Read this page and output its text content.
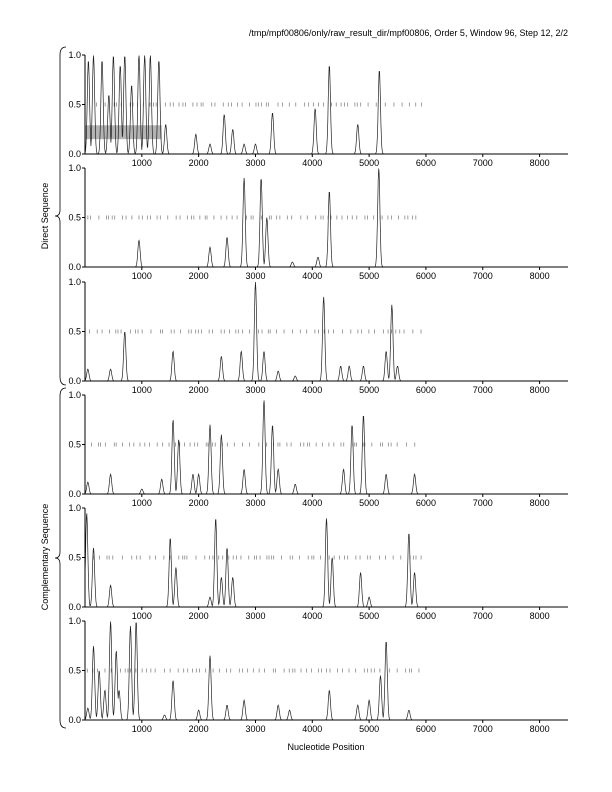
/tmp/mpf00806/only/raw_result_dir/mpf00806, Order 5, Window 96, Step 12, 2/2
0.0
0.5
1.0
1000	2000	3000	4000	5000	6000	7000	8000
0.0
0.5
1.0
1000	2000	3000	4000	5000	6000	7000	8000
0.0
0.5
1.0
1000	2000	3000	4000	5000	6000	7000	8000
0.0
0.5
1.0
1000	2000	3000	4000	5000	6000	7000	8000
0.0
0.5
1.0
1000	2000	3000	4000	5000	6000	7000	8000
0.0
0.5
1.0
1000	2000	3000	4000	5000	6000	7000	8000
Direct Sequence
Complementary Sequence
Nucleotide Position
